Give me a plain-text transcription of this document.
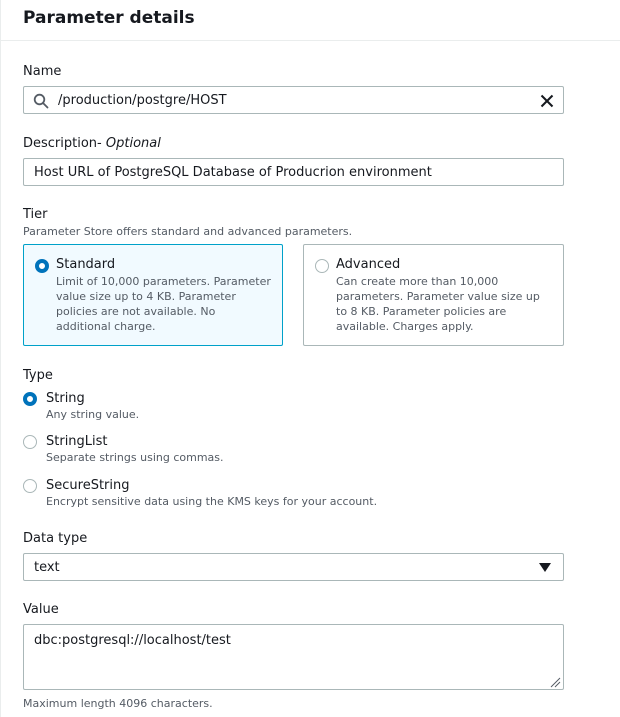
Parameter details
Name
/production/postgre/HOST
Description- Optional
Host URL of PostgreSQL Database of Producrion environment
Tier
Parameter Store offers standard and advanced parameters.
Standard
Limit of 10,000 parameters. Parameter value size up to 4 KB. Parameter policies are not available. No additional charge.
Advanced
Can create more than 10,000 parameters. Parameter value size up to 8 KB. Parameter policies are available. Charges apply.
Type
String
Any string value.
StringList
Separate strings using commas.
SecureString
Encrypt sensitive data using the KMS keys for your account.
Data type
text
Value
dbc:postgresql://localhost/test
Maximum length 4096 characters.
